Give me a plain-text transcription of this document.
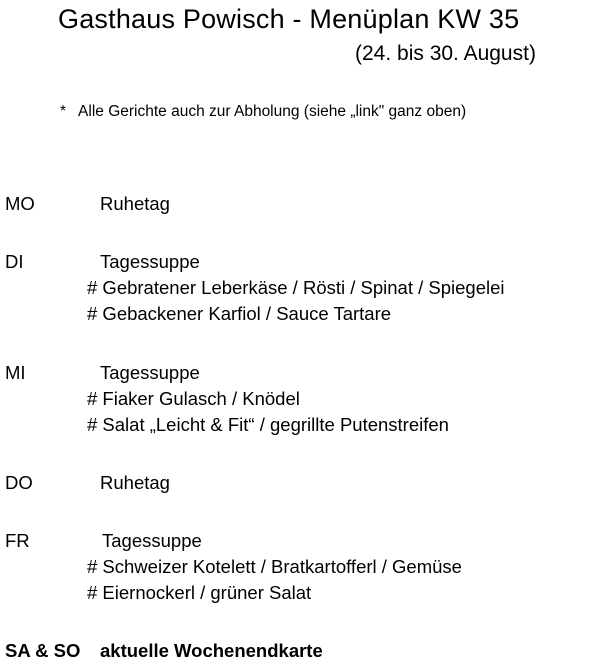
Gasthaus Powisch - Menüplan KW 35
(24. bis 30. August)
* Alle Gerichte auch zur Abholung (siehe „link" ganz oben)
MO	Ruhetag
DI	Tagessuppe
# Gebratener Leberkäse / Rösti / Spinat / Spiegelei
# Gebackener Karfiol / Sauce Tartare
MI	Tagessuppe
# Fiaker Gulasch / Knödel
# Salat „Leicht & Fit“ / gegrillte Putenstreifen
DO	Ruhetag
FR	Tagessuppe
# Schweizer Kotelett / Bratkartofferl / Gemüse
# Eiernockerl / grüner Salat
SA & SO aktuelle Wochenendkarte
